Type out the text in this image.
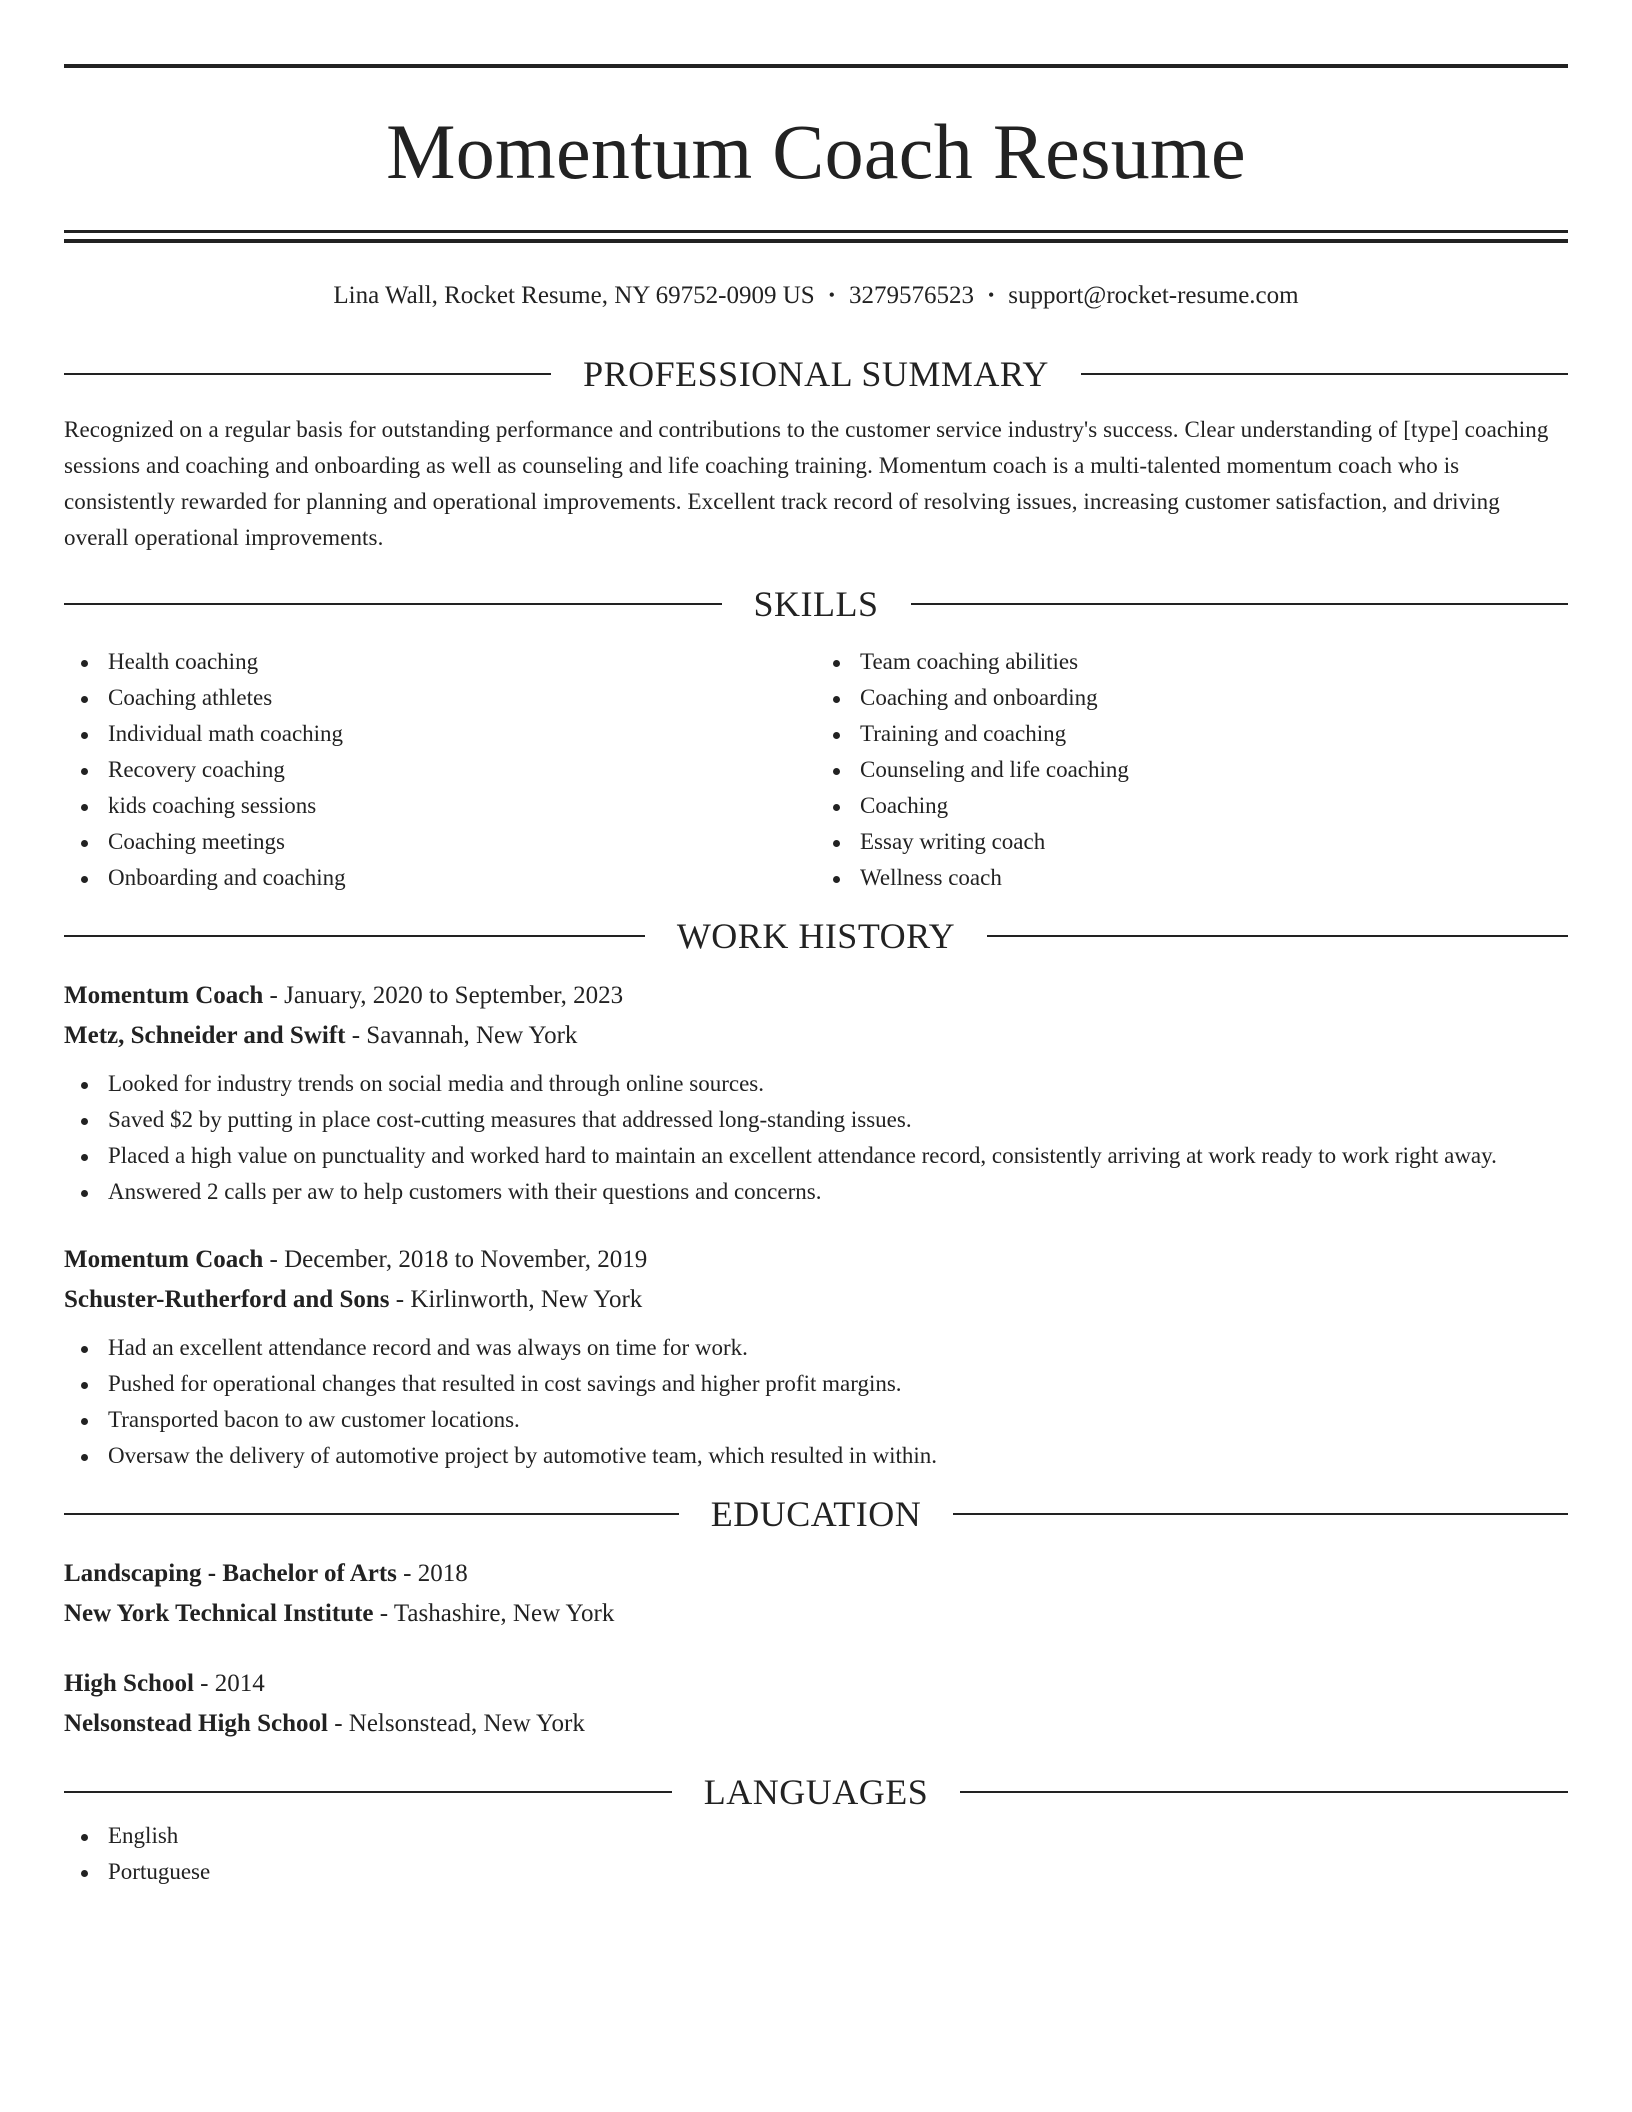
Momentum Coach Resume
Lina Wall, Rocket Resume, NY 69752-0909 US • 3279576523 • support@rocket-resume.com
PROFESSIONAL SUMMARY

Recognized on a regular basis for outstanding performance and contributions to the customer service industry's success. Clear understanding of [type] coaching sessions and coaching and onboarding as well as counseling and life coaching training. Momentum coach is a multi-talented momentum coach who is consistently rewarded for planning and operational improvements. Excellent track record of resolving issues, increasing customer satisfaction, and driving overall operational improvements.

SKILLS
Health coaching
Coaching athletes
Individual math coaching
Recovery coaching
kids coaching sessions
Coaching meetings
Onboarding and coaching
Team coaching abilities
Coaching and onboarding
Training and coaching
Counseling and life coaching
Coaching
Essay writing coach
Wellness coach
WORK HISTORY
Momentum Coach - January, 2020 to September, 2023
Metz, Schneider and Swift - Savannah, New York
Looked for industry trends on social media and through online sources.
Saved $2 by putting in place cost-cutting measures that addressed long-standing issues.
Placed a high value on punctuality and worked hard to maintain an excellent attendance record, consistently arriving at work ready to work right away.
Answered 2 calls per aw to help customers with their questions and concerns.
Momentum Coach - December, 2018 to November, 2019
Schuster-Rutherford and Sons - Kirlinworth, New York
Had an excellent attendance record and was always on time for work.
Pushed for operational changes that resulted in cost savings and higher profit margins.
Transported bacon to aw customer locations.
Oversaw the delivery of automotive project by automotive team, which resulted in within.
EDUCATION
Landscaping - Bachelor of Arts - 2018
New York Technical Institute - Tashashire, New York
High School - 2014
Nelsonstead High School - Nelsonstead, New York
LANGUAGES
English
Portuguese
